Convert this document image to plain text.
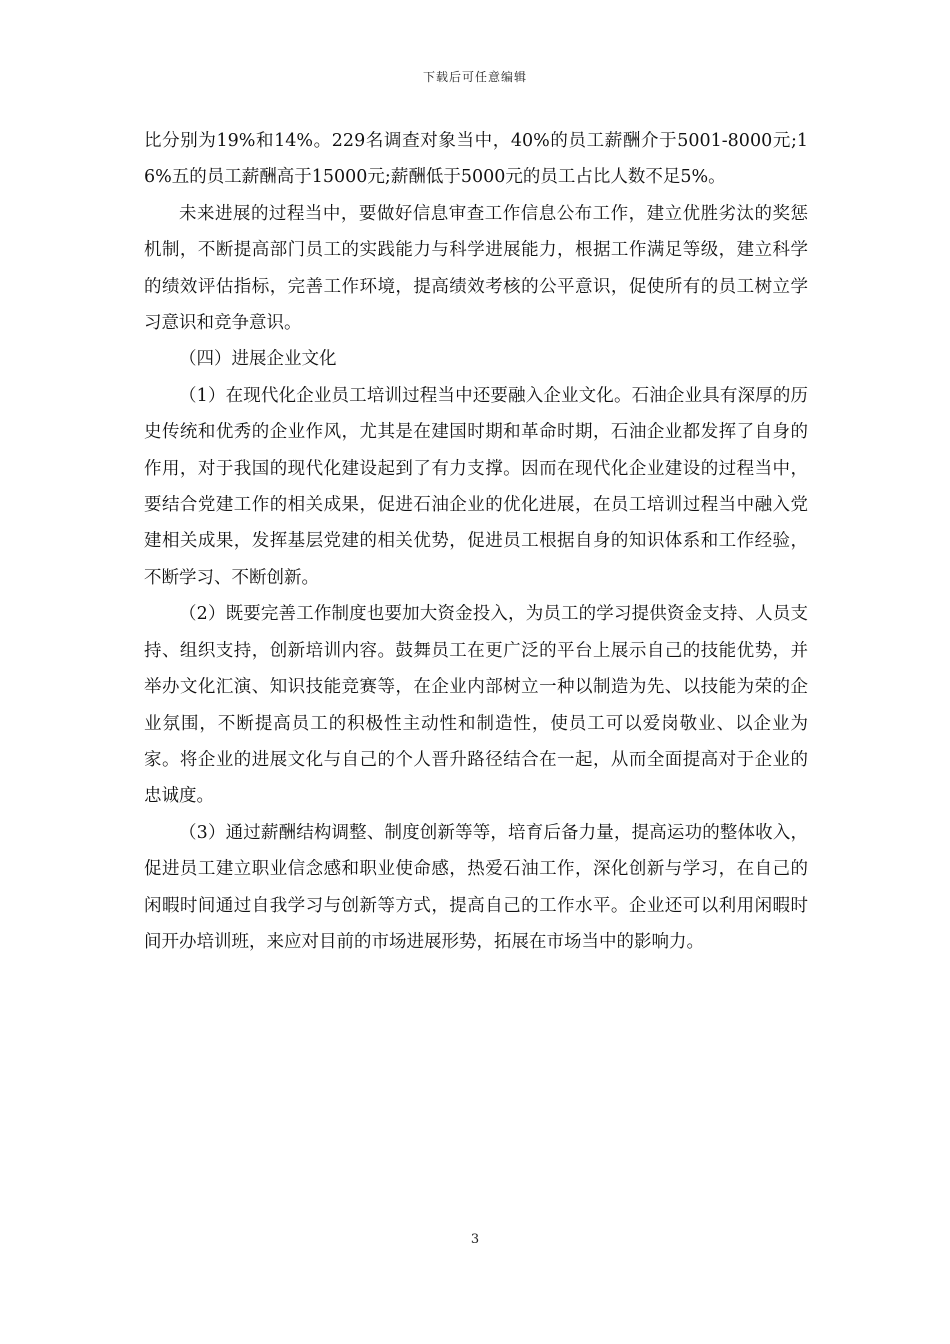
下载后可任意编辑

比分别为19%和14%。229名调查对象当中，40%的员工薪酬介于5001-8000元;16%五的员工薪酬高于15000元;薪酬低于5000元的员工占比人数不足5%。

未来进展的过程当中，要做好信息审查工作信息公布工作，建立优胜劣汰的奖惩机制，不断提高部门员工的实践能力与科学进展能力，根据工作满足等级，建立科学的绩效评估指标，完善工作环境，提高绩效考核的公平意识，促使所有的员工树立学习意识和竞争意识。

（四）进展企业文化

（1）在现代化企业员工培训过程当中还要融入企业文化。石油企业具有深厚的历史传统和优秀的企业作风，尤其是在建国时期和革命时期，石油企业都发挥了自身的作用，对于我国的现代化建设起到了有力支撑。因而在现代化企业建设的过程当中，要结合党建工作的相关成果，促进石油企业的优化进展，在员工培训过程当中融入党建相关成果，发挥基层党建的相关优势，促进员工根据自身的知识体系和工作经验，不断学习、不断创新。

（2）既要完善工作制度也要加大资金投入，为员工的学习提供资金支持、人员支持、组织支持，创新培训内容。鼓舞员工在更广泛的平台上展示自己的技能优势，并举办文化汇演、知识技能竞赛等，在企业内部树立一种以制造为先、以技能为荣的企业氛围，不断提高员工的积极性主动性和制造性，使员工可以爱岗敬业、以企业为家。将企业的进展文化与自己的个人晋升路径结合在一起，从而全面提高对于企业的忠诚度。

（3）通过薪酬结构调整、制度创新等等，培育后备力量，提高运功的整体收入，促进员工建立职业信念感和职业使命感，热爱石油工作，深化创新与学习，在自己的闲暇时间通过自我学习与创新等方式，提高自己的工作水平。企业还可以利用闲暇时间开办培训班，来应对目前的市场进展形势，拓展在市场当中的影响力。

3
